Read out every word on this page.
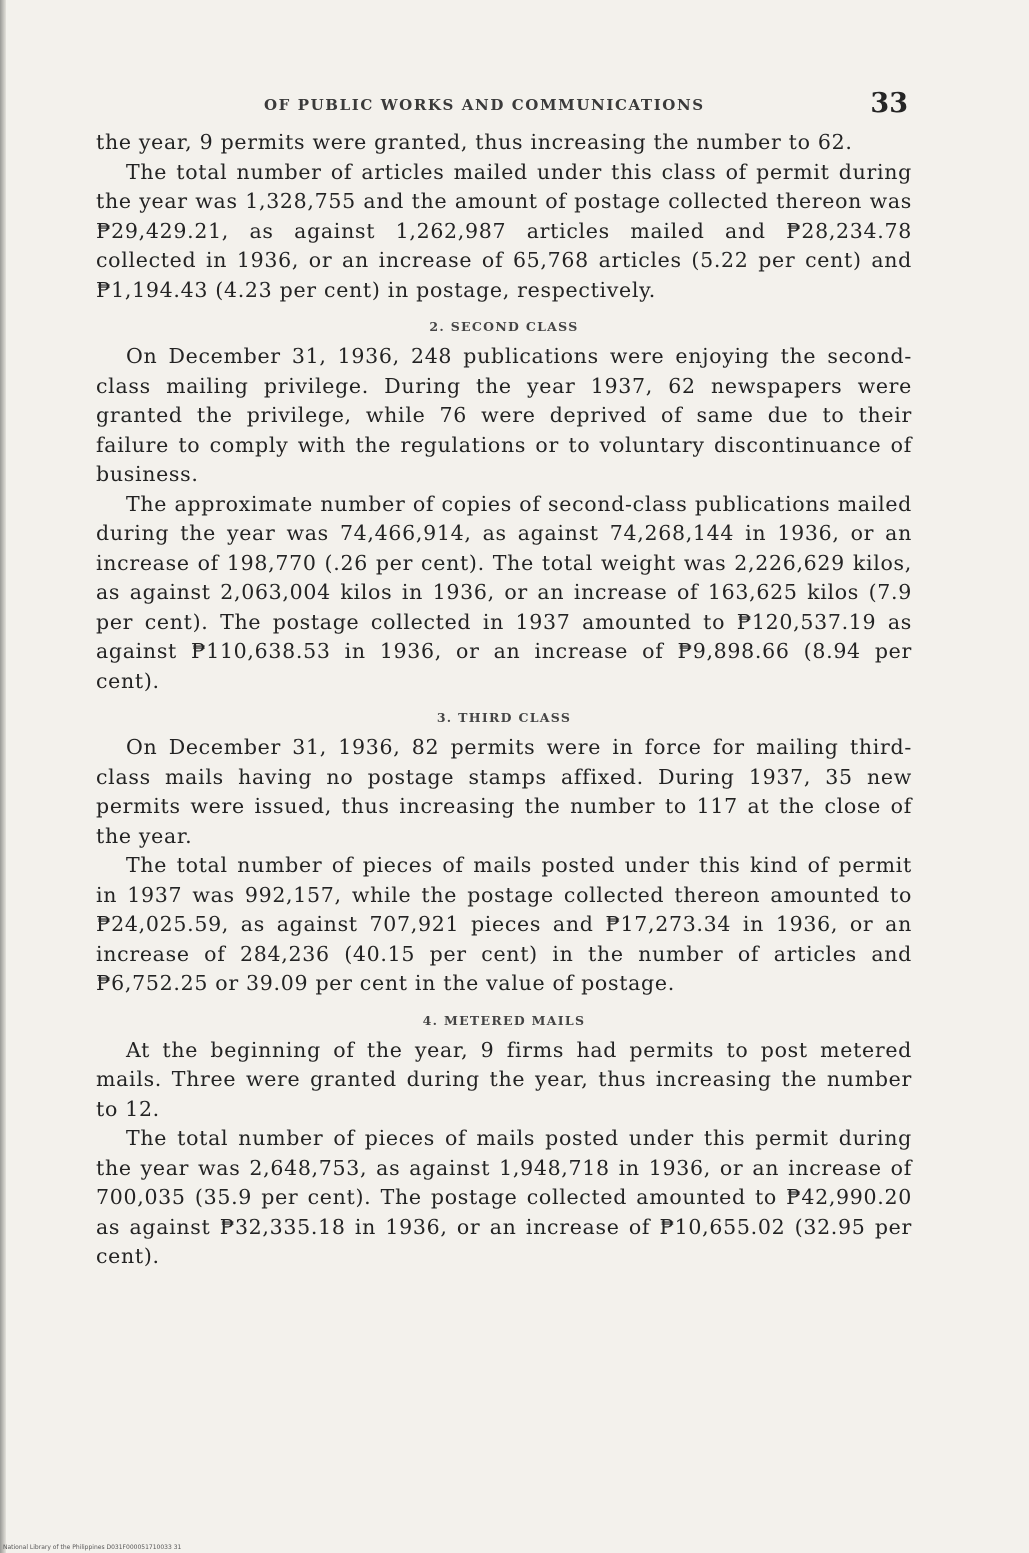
OF PUBLIC WORKS AND COMMUNICATIONS	33

the year, 9 permits were granted, thus increasing the number to 62.

The total number of articles mailed under this class of permit during the year was 1,328,755 and the amount of postage collected thereon was ₱29,429.21, as against 1,262,987 articles mailed and ₱28,234.78 collected in 1936, or an increase of 65,768 articles (5.22 per cent) and ₱1,194.43 (4.23 per cent) in postage, respectively.

2. SECOND CLASS

On December 31, 1936, 248 publications were enjoying the second-class mailing privilege. During the year 1937, 62 newspapers were granted the privilege, while 76 were deprived of same due to their failure to comply with the regulations or to voluntary discontinuance of business.

The approximate number of copies of second-class publications mailed during the year was 74,466,914, as against 74,268,144 in 1936, or an increase of 198,770 (.26 per cent). The total weight was 2,226,629 kilos, as against 2,063,004 kilos in 1936, or an increase of 163,625 kilos (7.9 per cent). The postage collected in 1937 amounted to ₱120,537.19 as against ₱110,638.53 in 1936, or an increase of ₱9,898.66 (8.94 per cent).

3. THIRD CLASS

On December 31, 1936, 82 permits were in force for mailing third-class mails having no postage stamps affixed. During 1937, 35 new permits were issued, thus increasing the number to 117 at the close of the year.

The total number of pieces of mails posted under this kind of permit in 1937 was 992,157, while the postage collected thereon amounted to ₱24,025.59, as against 707,921 pieces and ₱17,273.34 in 1936, or an increase of 284,236 (40.15 per cent) in the number of articles and ₱6,752.25 or 39.09 per cent in the value of postage.

4. METERED MAILS

At the beginning of the year, 9 firms had permits to post metered mails. Three were granted during the year, thus increasing the number to 12.

The total number of pieces of mails posted under this permit during the year was 2,648,753, as against 1,948,718 in 1936, or an increase of 700,035 (35.9 per cent). The postage collected amounted to ₱42,990.20 as against ₱32,335.18 in 1936, or an increase of ₱10,655.02 (32.95 per cent).

National Library of the Philippines D031F000051710033 31
